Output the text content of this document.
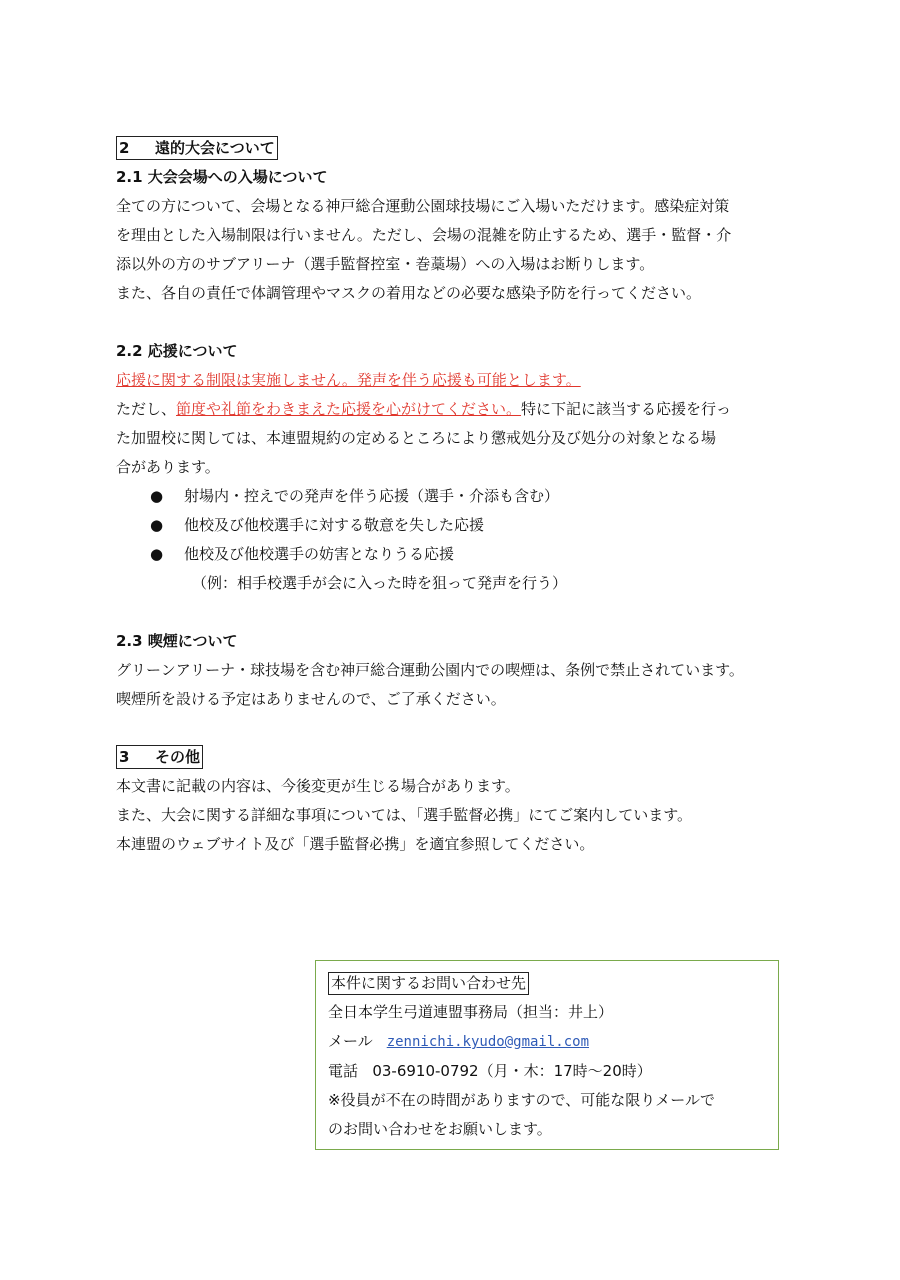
2 遠的大会について
2.1 大会会場への入場について
全ての方について、会場となる神戸総合運動公園球技場にご入場いただけます。感染症対策
を理由とした入場制限は行いません。ただし、会場の混雑を防止するため、選手・監督・介
添以外の方のサブアリーナ（選手監督控室・巻藁場）への入場はお断りします。
また、各自の責任で体調管理やマスクの着用などの必要な感染予防を行ってください。
2.2 応援について
応援に関する制限は実施しません。発声を伴う応援も可能とします。
ただし、節度や礼節をわきまえた応援を心がけてください。特に下記に該当する応援を行っ
た加盟校に関しては、本連盟規約の定めるところにより懲戒処分及び処分の対象となる場
合があります。
● 射場内・控えでの発声を伴う応援（選手・介添も含む）
● 他校及び他校選手に対する敬意を失した応援
● 他校及び他校選手の妨害となりうる応援
（例：相手校選手が会に入った時を狙って発声を行う）
2.3 喫煙について
グリーンアリーナ・球技場を含む神戸総合運動公園内での喫煙は、条例で禁止されています。
喫煙所を設ける予定はありませんので、ご了承ください。
3 その他
本文書に記載の内容は、今後変更が生じる場合があります。
また、大会に関する詳細な事項については、「選手監督必携」にてご案内しています。
本連盟のウェブサイト及び「選手監督必携」を適宜参照してください。
本件に関するお問い合わせ先
全日本学生弓道連盟事務局（担当：井上）
メール zennichi.kyudo@gmail.com
電話 03-6910-0792（月・木：17時～20時）
※役員が不在の時間がありますので、可能な限りメールで
のお問い合わせをお願いします。
